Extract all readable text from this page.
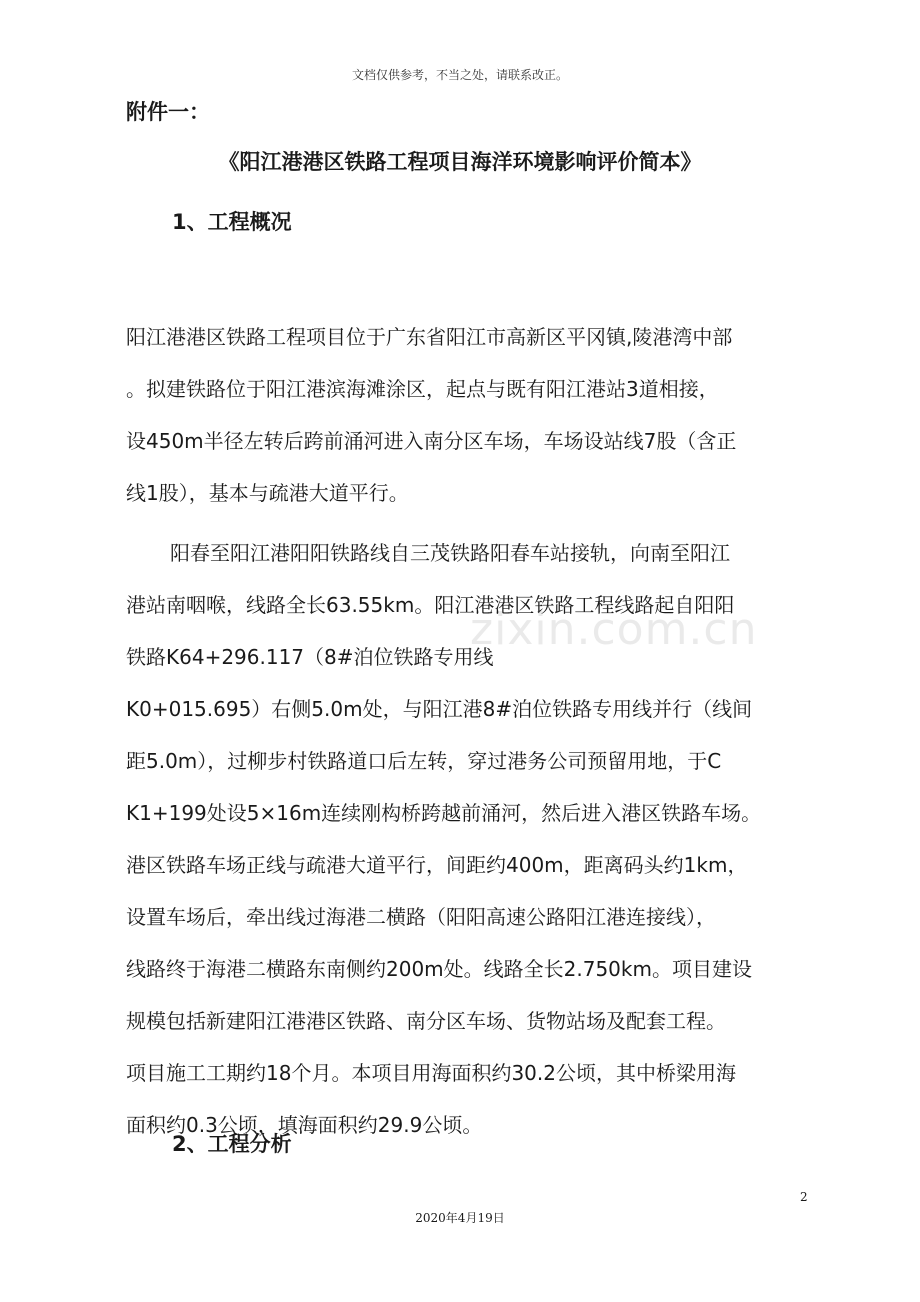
文档仅供参考，不当之处，请联系改正。
附件一：
《阳江港港区铁路工程项目海洋环境影响评价简本》
1、工程概况

阳江港港区铁路工程项目位于广东省阳江市高新区平冈镇,陵港湾中部
。拟建铁路位于阳江港滨海滩涂区，起点与既有阳江港站3道相接，
设450m半径左转后跨前涌河进入南分区车场，车场设站线7股（含正
线1股），基本与疏港大道平行。

阳春至阳江港阳阳铁路线自三茂铁路阳春车站接轨，向南至阳江
港站南咽喉，线路全长63.55km。阳江港港区铁路工程线路起自阳阳
铁路K64+296.117（8#泊位铁路专用线
K0+015.695）右侧5.0m处，与阳江港8#泊位铁路专用线并行（线间
距5.0m），过柳步村铁路道口后左转，穿过港务公司预留用地，于C
K1+199处设5×16m连续刚构桥跨越前涌河，然后进入港区铁路车场。
港区铁路车场正线与疏港大道平行，间距约400m，距离码头约1km，
设置车场后，牵出线过海港二横路（阳阳高速公路阳江港连接线），
线路终于海港二横路东南侧约200m处。线路全长2.750km。项目建设
规模包括新建阳江港港区铁路、南分区车场、货物站场及配套工程。
项目施工工期约18个月。本项目用海面积约30.2公顷，其中桥梁用海
面积约0.3公顷，填海面积约29.9公顷。

zixin.com.cn
2、工程分析
2
2020年4月19日
